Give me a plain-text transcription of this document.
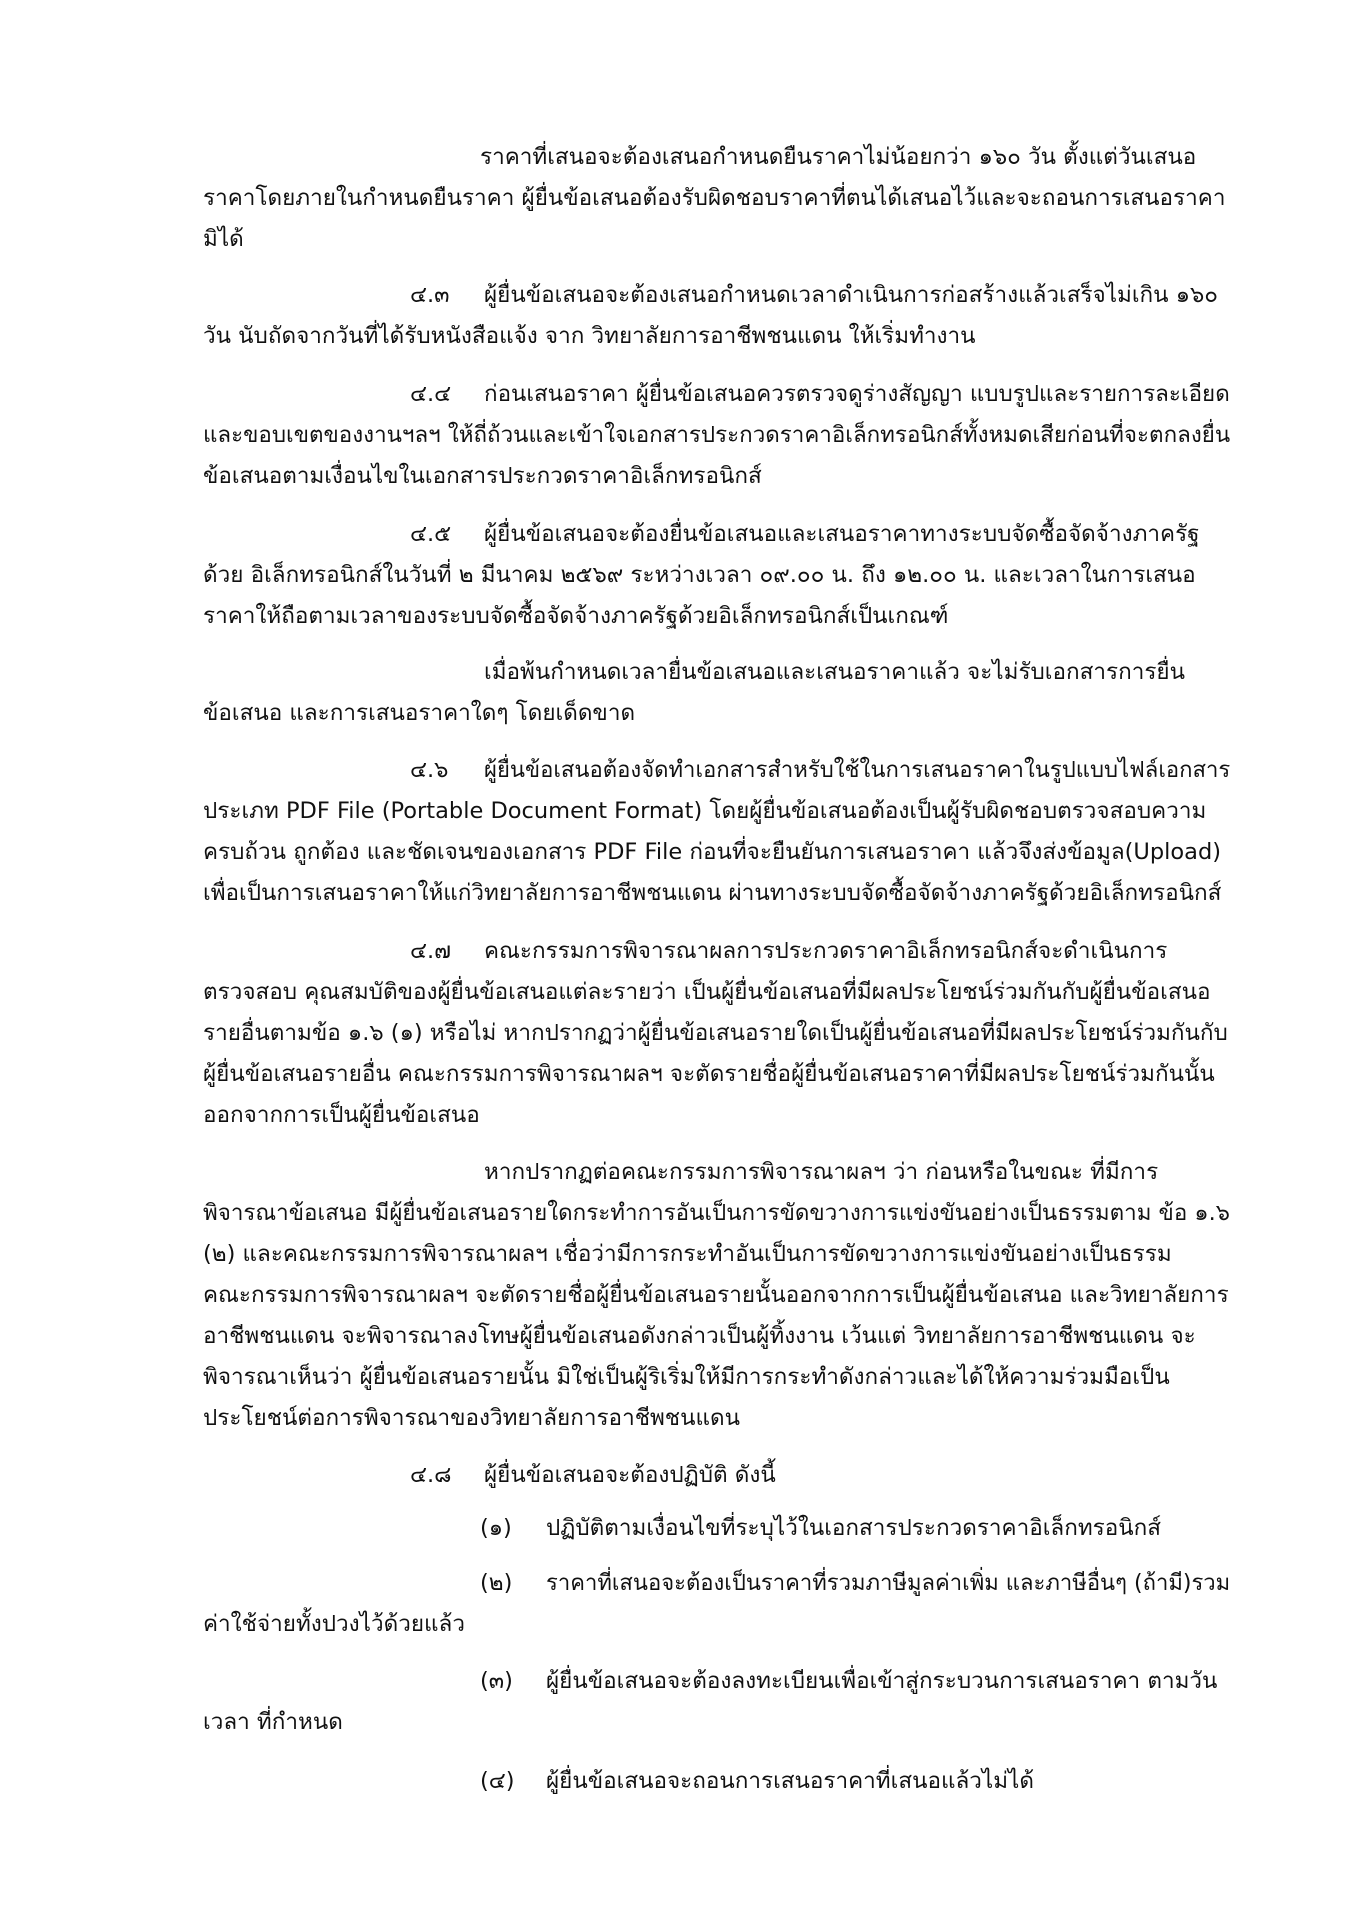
ราคาที่เสนอจะต้องเสนอกำหนดยืนราคาไม่น้อยกว่า ๑๖๐ วัน ตั้งแต่วันเสนอ
ราคาโดยภายในกำหนดยืนราคา ผู้ยื่นข้อเสนอต้องรับผิดชอบราคาที่ตนได้เสนอไว้และจะถอนการเสนอราคา
มิได้
๔.๓ ผู้ยื่นข้อเสนอจะต้องเสนอกำหนดเวลาดำเนินการก่อสร้างแล้วเสร็จไม่เกิน ๑๖๐
วัน นับถัดจากวันที่ได้รับหนังสือแจ้ง จาก วิทยาลัยการอาชีพชนแดน ให้เริ่มทำงาน
๔.๔ ก่อนเสนอราคา ผู้ยื่นข้อเสนอควรตรวจดูร่างสัญญา แบบรูปและรายการละเอียด
และขอบเขตของงานฯลฯ ให้ถี่ถ้วนและเข้าใจเอกสารประกวดราคาอิเล็กทรอนิกส์ทั้งหมดเสียก่อนที่จะตกลงยื่น
ข้อเสนอตามเงื่อนไขในเอกสารประกวดราคาอิเล็กทรอนิกส์
๔.๕ ผู้ยื่นข้อเสนอจะต้องยื่นข้อเสนอและเสนอราคาทางระบบจัดซื้อจัดจ้างภาครัฐ
ด้วย อิเล็กทรอนิกส์ในวันที่ ๒ มีนาคม ๒๕๖๙ ระหว่างเวลา ๐๙.๐๐ น. ถึง ๑๒.๐๐ น. และเวลาในการเสนอ
ราคาให้ถือตามเวลาของระบบจัดซื้อจัดจ้างภาครัฐด้วยอิเล็กทรอนิกส์เป็นเกณฑ์
เมื่อพ้นกำหนดเวลายื่นข้อเสนอและเสนอราคาแล้ว จะไม่รับเอกสารการยื่น
ข้อเสนอ และการเสนอราคาใดๆ โดยเด็ดขาด
๔.๖ ผู้ยื่นข้อเสนอต้องจัดทำเอกสารสำหรับใช้ในการเสนอราคาในรูปแบบไฟล์เอกสาร
ประเภท PDF File (Portable Document Format) โดยผู้ยื่นข้อเสนอต้องเป็นผู้รับผิดชอบตรวจสอบความ
ครบถ้วน ถูกต้อง และชัดเจนของเอกสาร PDF File ก่อนที่จะยืนยันการเสนอราคา แล้วจึงส่งข้อมูล(Upload)
เพื่อเป็นการเสนอราคาให้แก่วิทยาลัยการอาชีพชนแดน ผ่านทางระบบจัดซื้อจัดจ้างภาครัฐด้วยอิเล็กทรอนิกส์
๔.๗ คณะกรรมการพิจารณาผลการประกวดราคาอิเล็กทรอนิกส์จะดำเนินการ
ตรวจสอบ คุณสมบัติของผู้ยื่นข้อเสนอแต่ละรายว่า เป็นผู้ยื่นข้อเสนอที่มีผลประโยชน์ร่วมกันกับผู้ยื่นข้อเสนอ
รายอื่นตามข้อ ๑.๖ (๑) หรือไม่ หากปรากฏว่าผู้ยื่นข้อเสนอรายใดเป็นผู้ยื่นข้อเสนอที่มีผลประโยชน์ร่วมกันกับ
ผู้ยื่นข้อเสนอรายอื่น คณะกรรมการพิจารณาผลฯ จะตัดรายชื่อผู้ยื่นข้อเสนอราคาที่มีผลประโยชน์ร่วมกันนั้น
ออกจากการเป็นผู้ยื่นข้อเสนอ
หากปรากฏต่อคณะกรรมการพิจารณาผลฯ ว่า ก่อนหรือในขณะ ที่มีการ
พิจารณาข้อเสนอ มีผู้ยื่นข้อเสนอรายใดกระทำการอันเป็นการขัดขวางการแข่งขันอย่างเป็นธรรมตาม ข้อ ๑.๖
(๒) และคณะกรรมการพิจารณาผลฯ เชื่อว่ามีการกระทำอันเป็นการขัดขวางการแข่งขันอย่างเป็นธรรม
คณะกรรมการพิจารณาผลฯ จะตัดรายชื่อผู้ยื่นข้อเสนอรายนั้นออกจากการเป็นผู้ยื่นข้อเสนอ และวิทยาลัยการ
อาชีพชนแดน จะพิจารณาลงโทษผู้ยื่นข้อเสนอดังกล่าวเป็นผู้ทิ้งงาน เว้นแต่ วิทยาลัยการอาชีพชนแดน จะ
พิจารณาเห็นว่า ผู้ยื่นข้อเสนอรายนั้น มิใช่เป็นผู้ริเริ่มให้มีการกระทำดังกล่าวและได้ให้ความร่วมมือเป็น
ประโยชน์ต่อการพิจารณาของวิทยาลัยการอาชีพชนแดน
๔.๘ ผู้ยื่นข้อเสนอจะต้องปฏิบัติ ดังนี้
(๑) ปฏิบัติตามเงื่อนไขที่ระบุไว้ในเอกสารประกวดราคาอิเล็กทรอนิกส์
(๒) ราคาที่เสนอจะต้องเป็นราคาที่รวมภาษีมูลค่าเพิ่ม และภาษีอื่นๆ (ถ้ามี)รวม
ค่าใช้จ่ายทั้งปวงไว้ด้วยแล้ว
(๓) ผู้ยื่นข้อเสนอจะต้องลงทะเบียนเพื่อเข้าสู่กระบวนการเสนอราคา ตามวัน
เวลา ที่กำหนด
(๔) ผู้ยื่นข้อเสนอจะถอนการเสนอราคาที่เสนอแล้วไม่ได้
